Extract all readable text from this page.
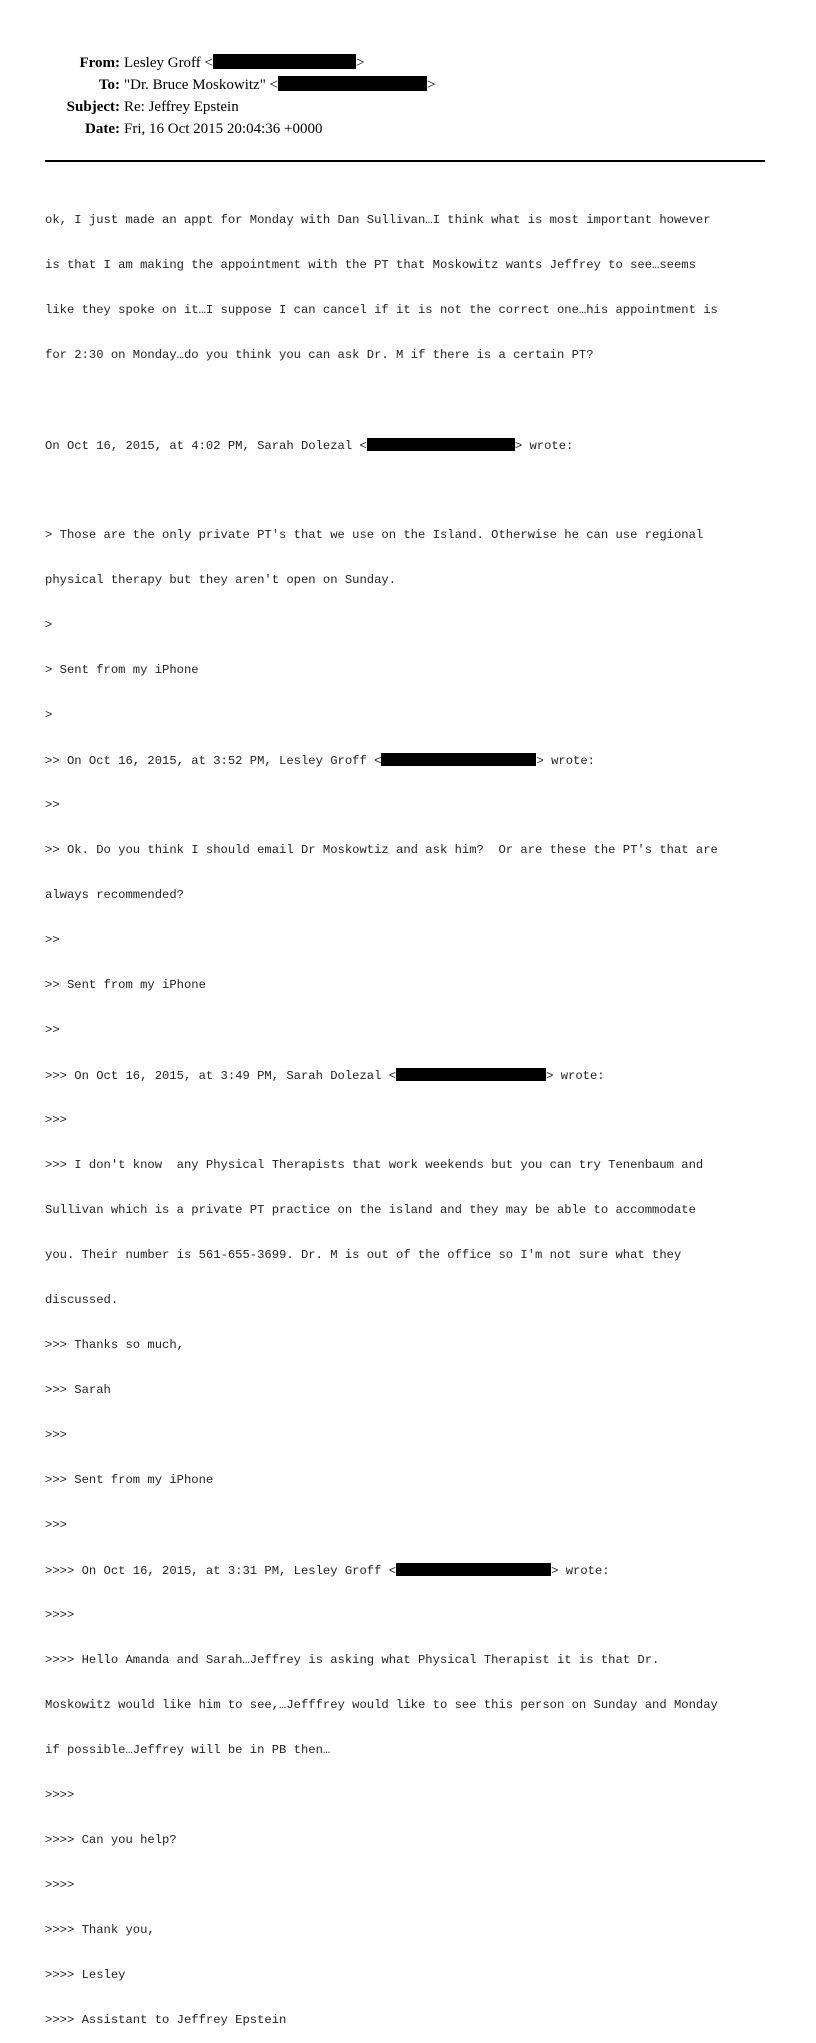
From: Lesley Groff <	>
To: "Dr. Bruce Moskowitz" <	>
Subject: Re: Jeffrey Epstein
Date: Fri, 16 Oct 2015 20:04:36 +0000

ok, I just made an appt for Monday with Dan Sullivan…I think what is most important however

is that I am making the appointment with the PT that Moskowitz wants Jeffrey to see…seems

like they spoke on it…I suppose I can cancel if it is not the correct one…his appointment is

for 2:30 on Monday…do you think you can ask Dr. M if there is a certain PT?

On Oct 16, 2015, at 4:02 PM, Sarah Dolezal <	> wrote:

> Those are the only private PT's that we use on the Island. Otherwise he can use regional

physical therapy but they aren't open on Sunday.

>

> Sent from my iPhone

>

>> On Oct 16, 2015, at 3:52 PM, Lesley Groff <	> wrote:

>>

>> Ok. Do you think I should email Dr Moskowtiz and ask him?  Or are these the PT's that are

always recommended?

>>

>> Sent from my iPhone

>>

>>> On Oct 16, 2015, at 3:49 PM, Sarah Dolezal <	> wrote:

>>>

>>> I don't know  any Physical Therapists that work weekends but you can try Tenenbaum and

Sullivan which is a private PT practice on the island and they may be able to accommodate

you. Their number is 561-655-3699. Dr. M is out of the office so I'm not sure what they

discussed.

>>> Thanks so much,

>>> Sarah

>>>

>>> Sent from my iPhone

>>>

>>>> On Oct 16, 2015, at 3:31 PM, Lesley Groff <	> wrote:

>>>>

>>>> Hello Amanda and Sarah…Jeffrey is asking what Physical Therapist it is that Dr.

Moskowitz would like him to see,…Jefffrey would like to see this person on Sunday and Monday

if possible…Jeffrey will be in PB then…

>>>>

>>>> Can you help?

>>>>

>>>> Thank you,

>>>> Lesley

>>>> Assistant to Jeffrey Epstein
